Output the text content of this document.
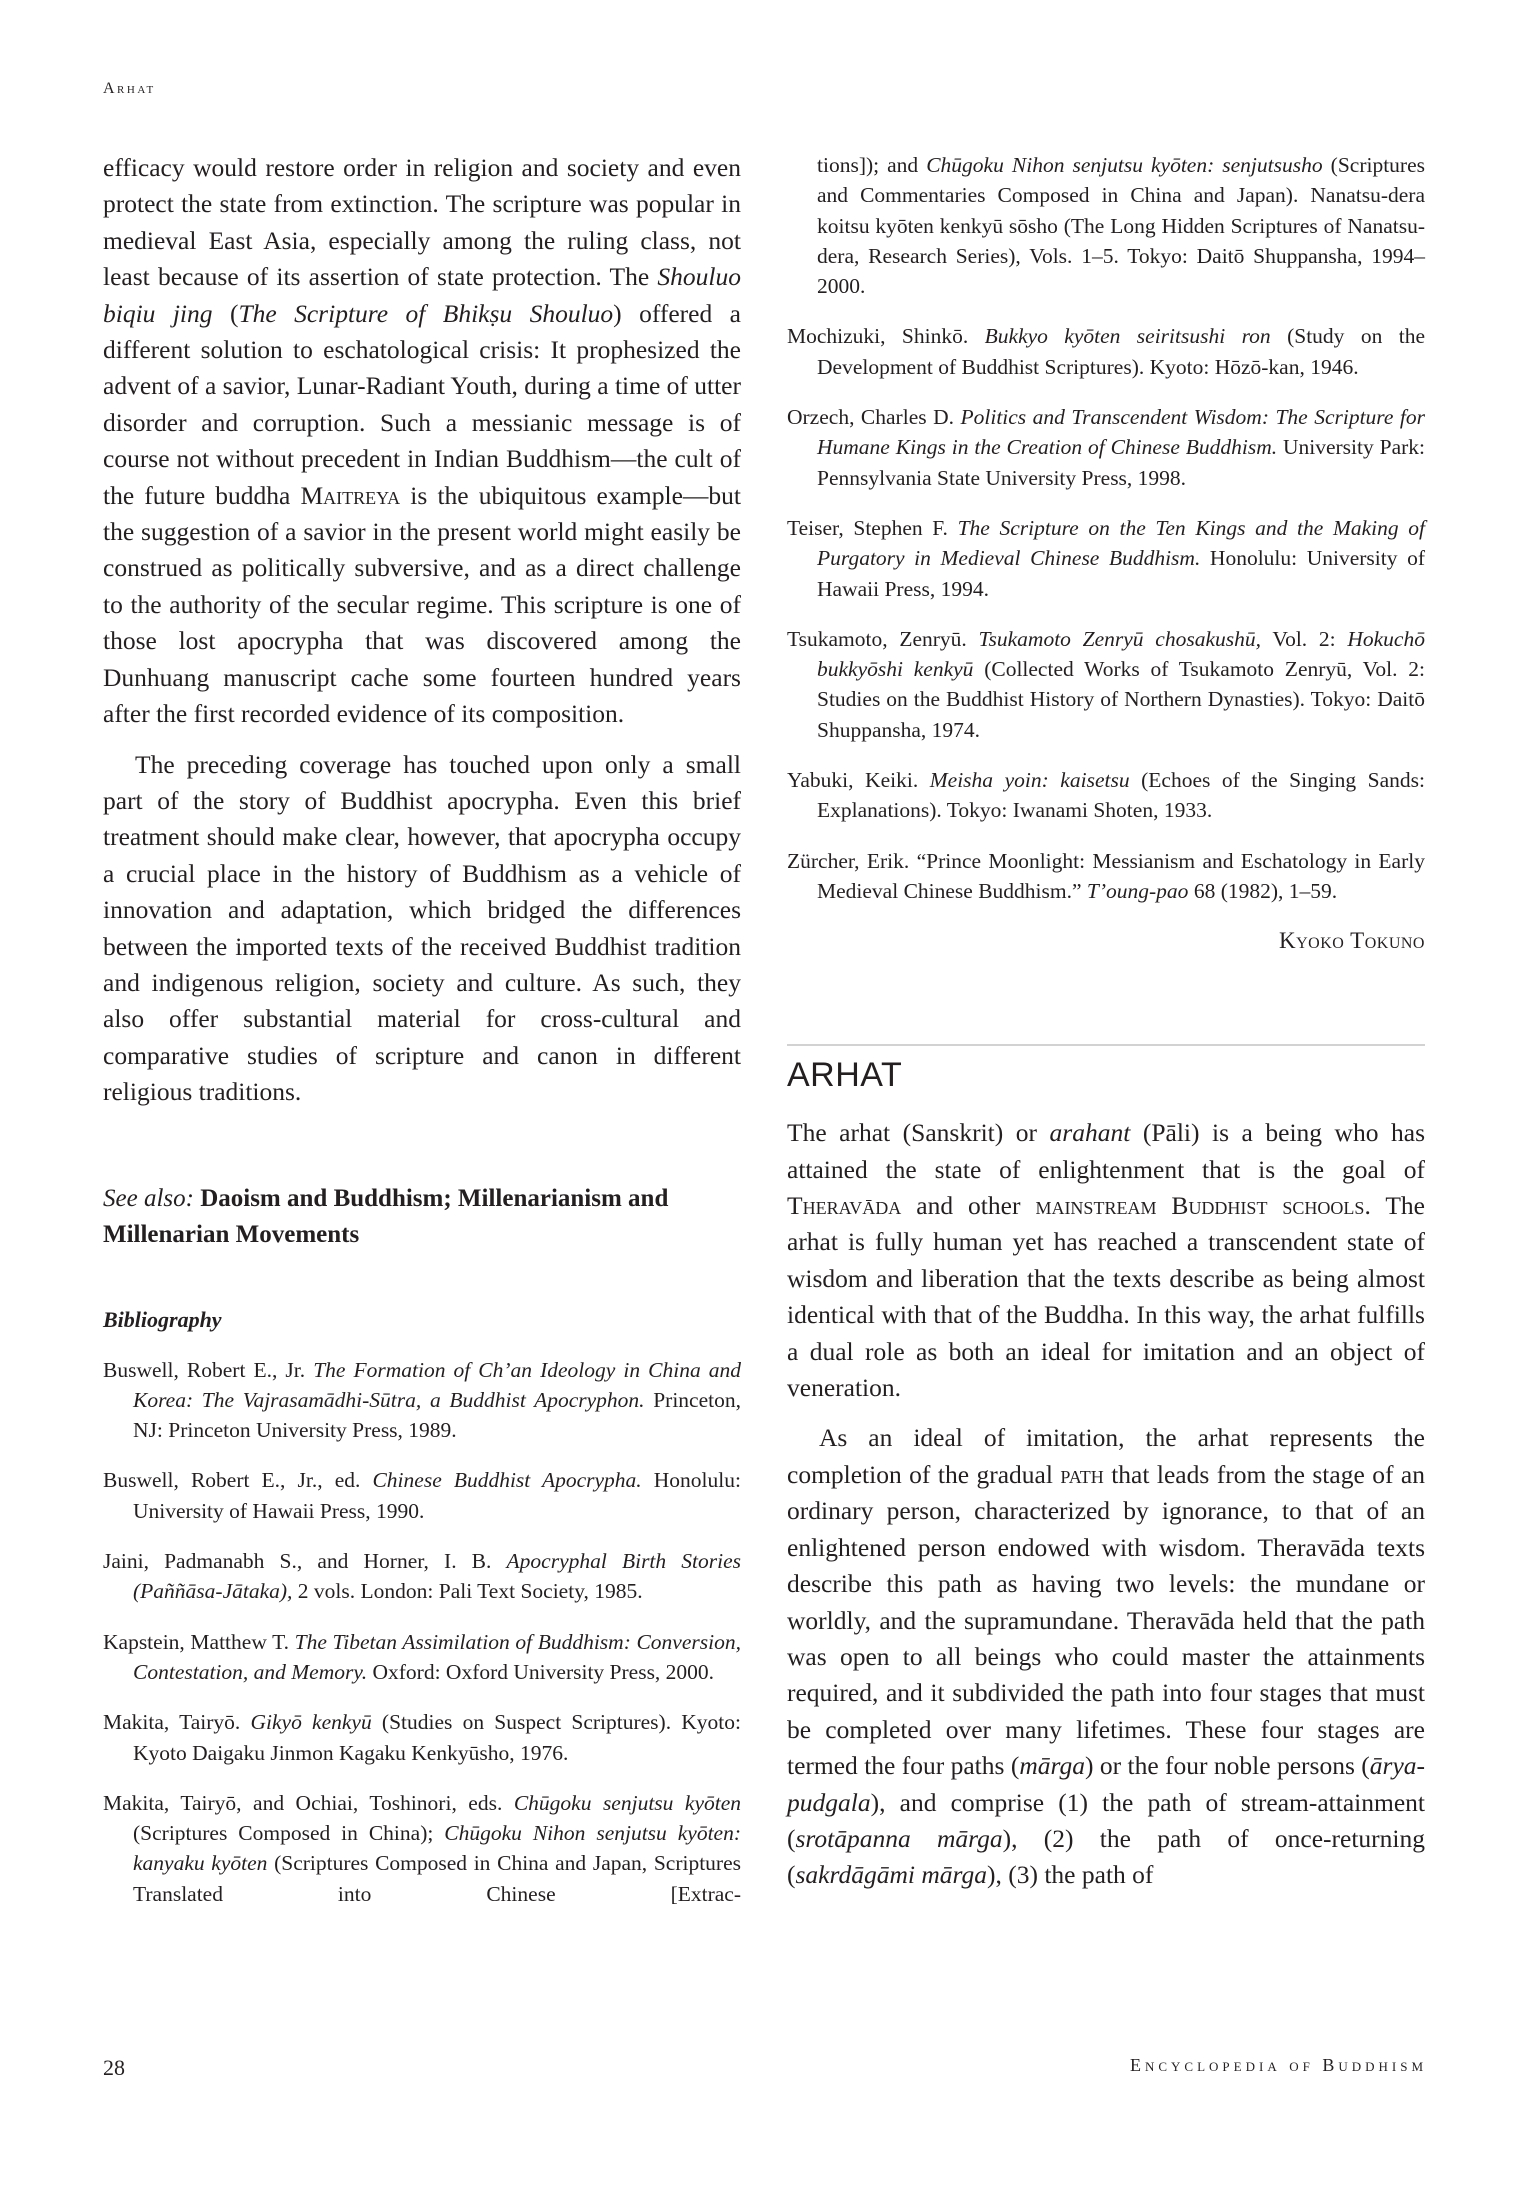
Arhat

efficacy would restore order in religion and society and even protect the state from extinction. The scripture was popular in medieval East Asia, especially among the ruling class, not least because of its assertion of state protection. The Shouluo biqiu jing (The Scripture of Bhikṣu Shouluo) offered a different solution to eschatological crisis: It prophesized the advent of a savior, Lunar-Radiant Youth, during a time of utter disorder and corruption. Such a messianic message is of course not without precedent in Indian Buddhism—the cult of the future buddha Maitreya is the ubiquitous example—but the suggestion of a savior in the present world might easily be construed as politically subversive, and as a direct challenge to the authority of the secular regime. This scripture is one of those lost apocrypha that was discovered among the Dunhuang manuscript cache some fourteen hundred years after the first recorded evidence of its composition.

The preceding coverage has touched upon only a small part of the story of Buddhist apocrypha. Even this brief treatment should make clear, however, that apocrypha occupy a crucial place in the history of Buddhism as a vehicle of innovation and adaptation, which bridged the differences between the imported texts of the received Buddhist tradition and indigenous religion, society and culture. As such, they also offer substantial material for cross-cultural and comparative studies of scripture and canon in different religious traditions.

See also: Daoism and Buddhism; Millenarianism and Millenarian Movements
Bibliography

Buswell, Robert E., Jr. The Formation of Ch’an Ideology in China and Korea: The Vajrasamādhi-Sūtra, a Buddhist Apocryphon. Princeton, NJ: Princeton University Press, 1989.

Buswell, Robert E., Jr., ed. Chinese Buddhist Apocrypha. Honolulu: University of Hawaii Press, 1990.

Jaini, Padmanabh S., and Horner, I. B. Apocryphal Birth Stories (Paññāsa-Jātaka), 2 vols. London: Pali Text Society, 1985.

Kapstein, Matthew T. The Tibetan Assimilation of Buddhism: Conversion, Contestation, and Memory. Oxford: Oxford University Press, 2000.

Makita, Tairyō. Gikyō kenkyū (Studies on Suspect Scriptures). Kyoto: Kyoto Daigaku Jinmon Kagaku Kenkyūsho, 1976.

Makita, Tairyō, and Ochiai, Toshinori, eds. Chūgoku senjutsu kyōten (Scriptures Composed in China); Chūgoku Nihon senjutsu kyōten: kanyaku kyōten (Scriptures Composed in China and Japan, Scriptures Translated into Chinese [Extrac-

tions]); and Chūgoku Nihon senjutsu kyōten: senjutsusho (Scriptures and Commentaries Composed in China and Japan). Nanatsu-dera koitsu kyōten kenkyū sōsho (The Long Hidden Scriptures of Nanatsu-dera, Research Series), Vols. 1–5. Tokyo: Daitō Shuppansha, 1994–2000.

Mochizuki, Shinkō. Bukkyo kyōten seiritsushi ron (Study on the Development of Buddhist Scriptures). Kyoto: Hōzō-kan, 1946.

Orzech, Charles D. Politics and Transcendent Wisdom: The Scripture for Humane Kings in the Creation of Chinese Buddhism. University Park: Pennsylvania State University Press, 1998.

Teiser, Stephen F. The Scripture on the Ten Kings and the Making of Purgatory in Medieval Chinese Buddhism. Honolulu: University of Hawaii Press, 1994.

Tsukamoto, Zenryū. Tsukamoto Zenryū chosakushū, Vol. 2: Hokuchō bukkyōshi kenkyū (Collected Works of Tsukamoto Zenryū, Vol. 2: Studies on the Buddhist History of Northern Dynasties). Tokyo: Daitō Shuppansha, 1974.

Yabuki, Keiki. Meisha yoin: kaisetsu (Echoes of the Singing Sands: Explanations). Tokyo: Iwanami Shoten, 1933.

Zürcher, Erik. “Prince Moonlight: Messianism and Eschatology in Early Medieval Chinese Buddhism.” T’oung-pao 68 (1982), 1–59.

Kyoko Tokuno
ARHAT

The arhat (Sanskrit) or arahant (Pāli) is a being who has attained the state of enlightenment that is the goal of Theravāda and other mainstream Buddhist schools. The arhat is fully human yet has reached a transcendent state of wisdom and liberation that the texts describe as being almost identical with that of the Buddha. In this way, the arhat fulfills a dual role as both an ideal for imitation and an object of veneration.

As an ideal of imitation, the arhat represents the completion of the gradual path that leads from the stage of an ordinary person, characterized by ignorance, to that of an enlightened person endowed with wisdom. Theravāda texts describe this path as having two levels: the mundane or worldly, and the supramundane. Theravāda held that the path was open to all beings who could master the attainments required, and it subdivided the path into four stages that must be completed over many lifetimes. These four stages are termed the four paths (mārga) or the four noble persons (ārya-pudgala), and comprise (1) the path of stream-attainment (srotāpanna mārga), (2) the path of once-returning (sakrdāgāmi mārga), (3) the path of

28	Encyclopedia of Buddhism
